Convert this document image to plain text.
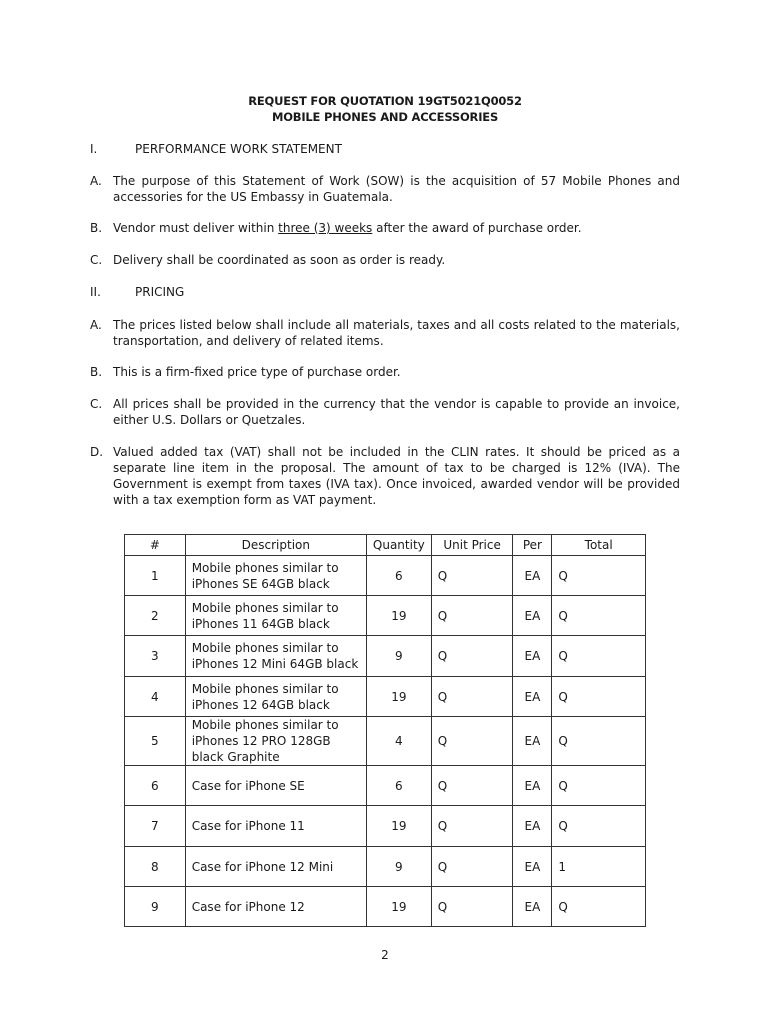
REQUEST FOR QUOTATION 19GT5021Q0052
MOBILE PHONES AND ACCESSORIES
I.	PERFORMANCE WORK STATEMENT
A. The purpose of this Statement of Work (SOW) is the acquisition of 57 Mobile Phones and accessories for the US Embassy in Guatemala.
B. Vendor must deliver within three (3) weeks after the award of purchase order.
C. Delivery shall be coordinated as soon as order is ready.
II.	PRICING
A. The prices listed below shall include all materials, taxes and all costs related to the materials, transportation, and delivery of related items.
B. This is a firm-fixed price type of purchase order.
C. All prices shall be provided in the currency that the vendor is capable to provide an invoice, either U.S. Dollars or Quetzales.
D. Valued added tax (VAT) shall not be included in the CLIN rates. It should be priced as a separate line item in the proposal. The amount of tax to be charged is 12% (IVA). The Government is exempt from taxes (IVA tax). Once invoiced, awarded vendor will be provided with a tax exemption form as VAT payment.
#	Description	Quantity	Unit Price	Per	Total
1	Mobile phones similar to iPhones SE 64GB black	6	Q	EA	Q
2	Mobile phones similar to iPhones 11 64GB black	19	Q	EA	Q
3	Mobile phones similar to iPhones 12 Mini 64GB black	9	Q	EA	Q
4	Mobile phones similar to iPhones 12 64GB black	19	Q	EA	Q
5	Mobile phones similar to iPhones 12 PRO 128GB black Graphite	4	Q	EA	Q
6	Case for iPhone SE	6	Q	EA	Q
7	Case for iPhone 11	19	Q	EA	Q
8	Case for iPhone 12 Mini	9	Q	EA	1
9	Case for iPhone 12	19	Q	EA	Q
2
